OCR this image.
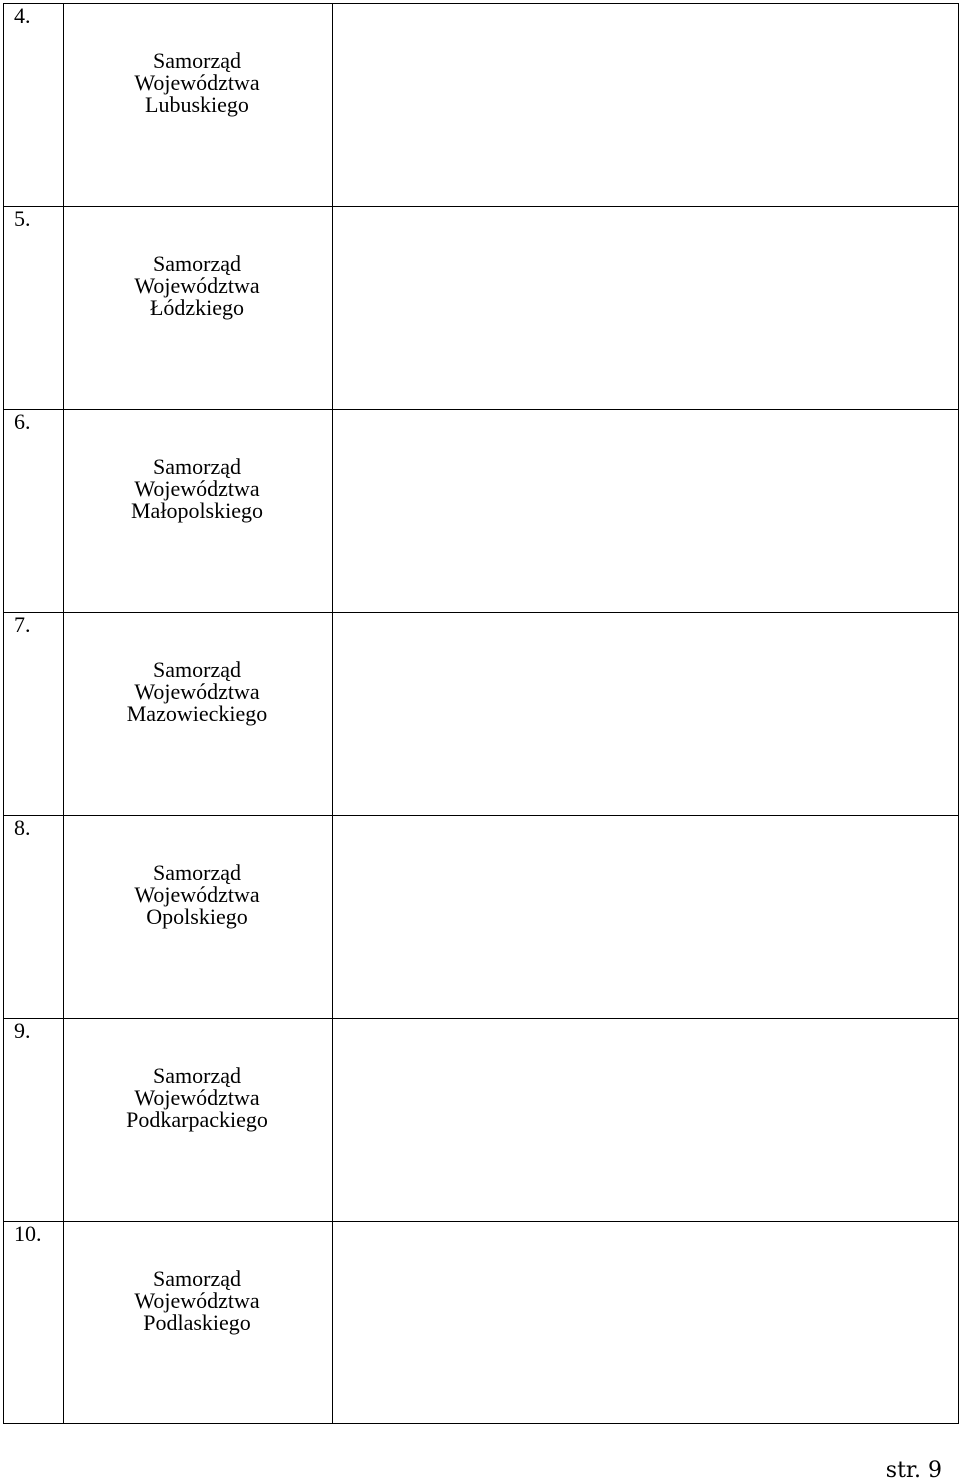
4.	Samorząd
Województwa
Lubuskiego	

5.	Samorząd
Województwa
Łódzkiego	

6.	Samorząd
Województwa
Małopolskiego	

7.	Samorząd
Województwa
Mazowieckiego	

8.	Samorząd
Województwa
Opolskiego	

9.	Samorząd
Województwa
Podkarpackiego	

10.	Samorząd
Województwa
Podlaskiego	

str. 9
